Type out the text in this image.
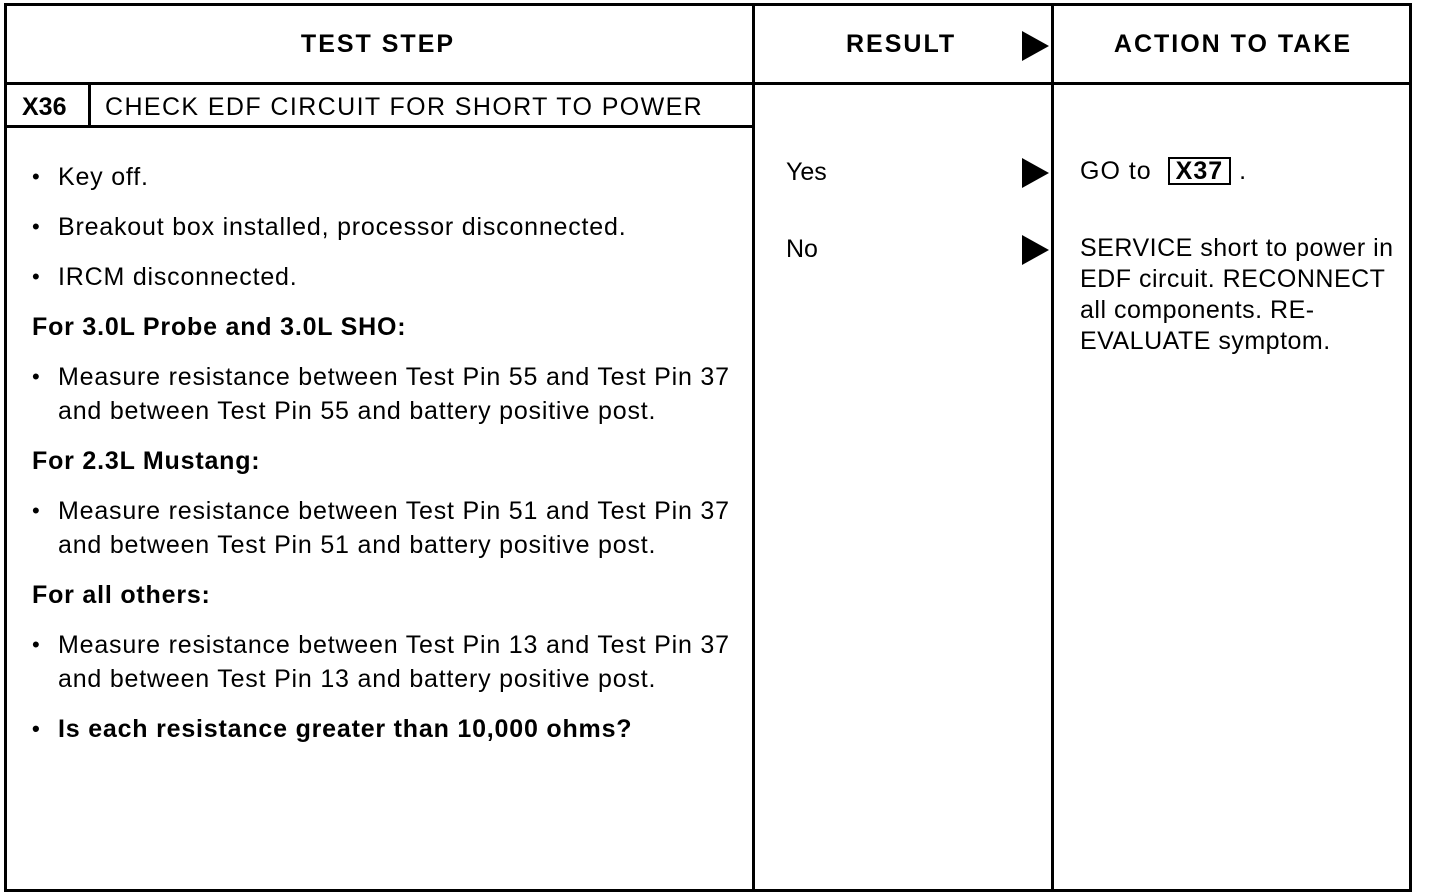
TEST STEP	RESULT	ACTION TO TAKE
X36 CHECK EDF CIRCUIT FOR SHORT TO POWER
• Key off.
• Breakout box installed, processor disconnected.
• IRCM disconnected.
For 3.0L Probe and 3.0L SHO:
• Measure resistance between Test Pin 55 and Test Pin 37 and between Test Pin 55 and battery positive post.
For 2.3L Mustang:
• Measure resistance between Test Pin 51 and Test Pin 37 and between Test Pin 51 and battery positive post.
For all others:
• Measure resistance between Test Pin 13 and Test Pin 37 and between Test Pin 13 and battery positive post.
• Is each resistance greater than 10,000 ohms?
Yes
No
GO to X37 .
SERVICE short to power in EDF circuit. RECONNECT all components. RE-EVALUATE symptom.
